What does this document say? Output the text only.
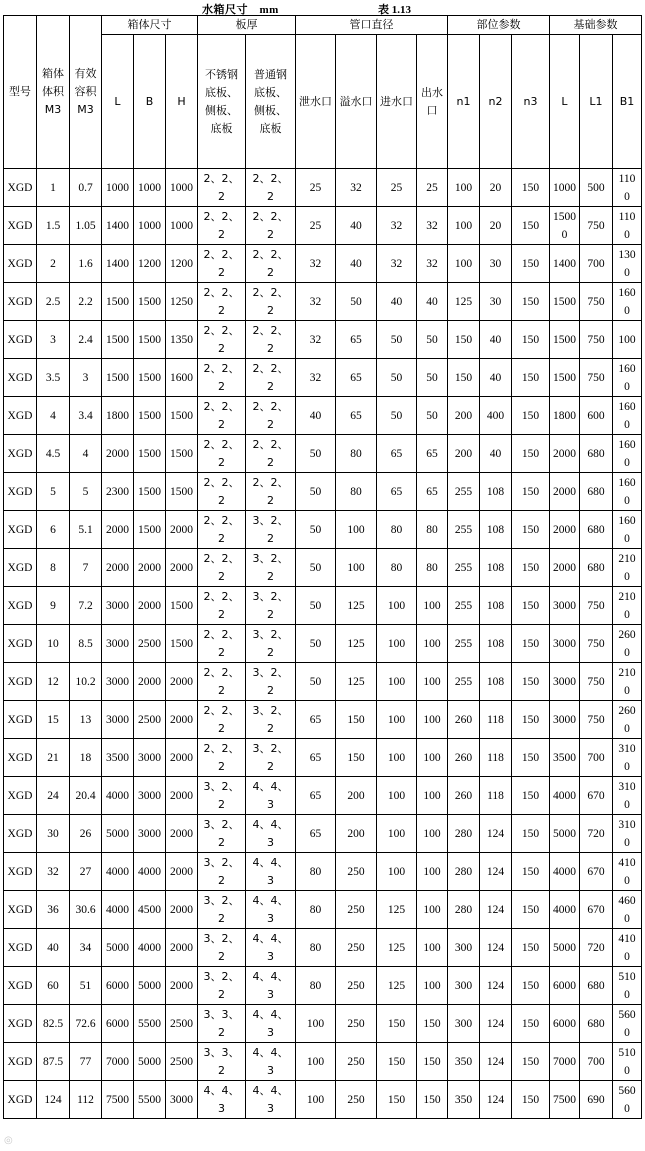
水箱尺寸　mm	表 1.13
型号	箱体体积M3	有效容积M3	箱体尺寸			板厚		管口直径				部位参数			基础参数		
			L	B	H	不锈钢底板、侧板、底板	普通钢底板、侧板、底板	泄水口	溢水口	进水口	出水口	n1	n2	n3	L	L1	B1
XGD	1	0.7	1000	1000	1000	2、2、2	2、2、2	25	32	25	25	100	20	150	1000	500	1100
XGD	1.5	1.05	1400	1000	1000	2、2、2	2、2、2	25	40	32	32	100	20	150	15000	750	1100
XGD	2	1.6	1400	1200	1200	2、2、2	2、2、2	32	40	32	32	100	30	150	1400	700	1300
XGD	2.5	2.2	1500	1500	1250	2、2、2	2、2、2	32	50	40	40	125	30	150	1500	750	1600
XGD	3	2.4	1500	1500	1350	2、2、2	2、2、2	32	65	50	50	150	40	150	1500	750	100
XGD	3.5	3	1500	1500	1600	2、2、2	2、2、2	32	65	50	50	150	40	150	1500	750	1600
XGD	4	3.4	1800	1500	1500	2、2、2	2、2、2	40	65	50	50	200	400	150	1800	600	1600
XGD	4.5	4	2000	1500	1500	2、2、2	2、2、2	50	80	65	65	200	40	150	2000	680	1600
XGD	5	5	2300	1500	1500	2、2、2	2、2、2	50	80	65	65	255	108	150	2000	680	1600
XGD	6	5.1	2000	1500	2000	2、2、2	3、2、2	50	100	80	80	255	108	150	2000	680	1600
XGD	8	7	2000	2000	2000	2、2、2	3、2、2	50	100	80	80	255	108	150	2000	680	2100
XGD	9	7.2	3000	2000	1500	2、2、2	3、2、2	50	125	100	100	255	108	150	3000	750	2100
XGD	10	8.5	3000	2500	1500	2、2、2	3、2、2	50	125	100	100	255	108	150	3000	750	2600
XGD	12	10.2	3000	2000	2000	2、2、2	3、2、2	50	125	100	100	255	108	150	3000	750	2100
XGD	15	13	3000	2500	2000	2、2、2	3、2、2	65	150	100	100	260	118	150	3000	750	2600
XGD	21	18	3500	3000	2000	2、2、2	3、2、2	65	150	100	100	260	118	150	3500	700	3100
XGD	24	20.4	4000	3000	2000	3、2、2	4、4、3	65	200	100	100	260	118	150	4000	670	3100
XGD	30	26	5000	3000	2000	3、2、2	4、4、3	65	200	100	100	280	124	150	5000	720	3100
XGD	32	27	4000	4000	2000	3、2、2	4、4、3	80	250	100	100	280	124	150	4000	670	4100
XGD	36	30.6	4000	4500	2000	3、2、2	4、4、3	80	250	125	100	280	124	150	4000	670	4600
XGD	40	34	5000	4000	2000	3、2、2	4、4、3	80	250	125	100	300	124	150	5000	720	4100
XGD	60	51	6000	5000	2000	3、2、2	4、4、3	80	250	125	100	300	124	150	6000	680	5100
XGD	82.5	72.6	6000	5500	2500	3、3、2	4、4、3	100	250	150	150	300	124	150	6000	680	5600
XGD	87.5	77	7000	5000	2500	3、3、2	4、4、3	100	250	150	150	350	124	150	7000	700	5100
XGD	124	112	7500	5500	3000	4、4、3	4、4、3	100	250	150	150	350	124	150	7500	690	5600
◎
